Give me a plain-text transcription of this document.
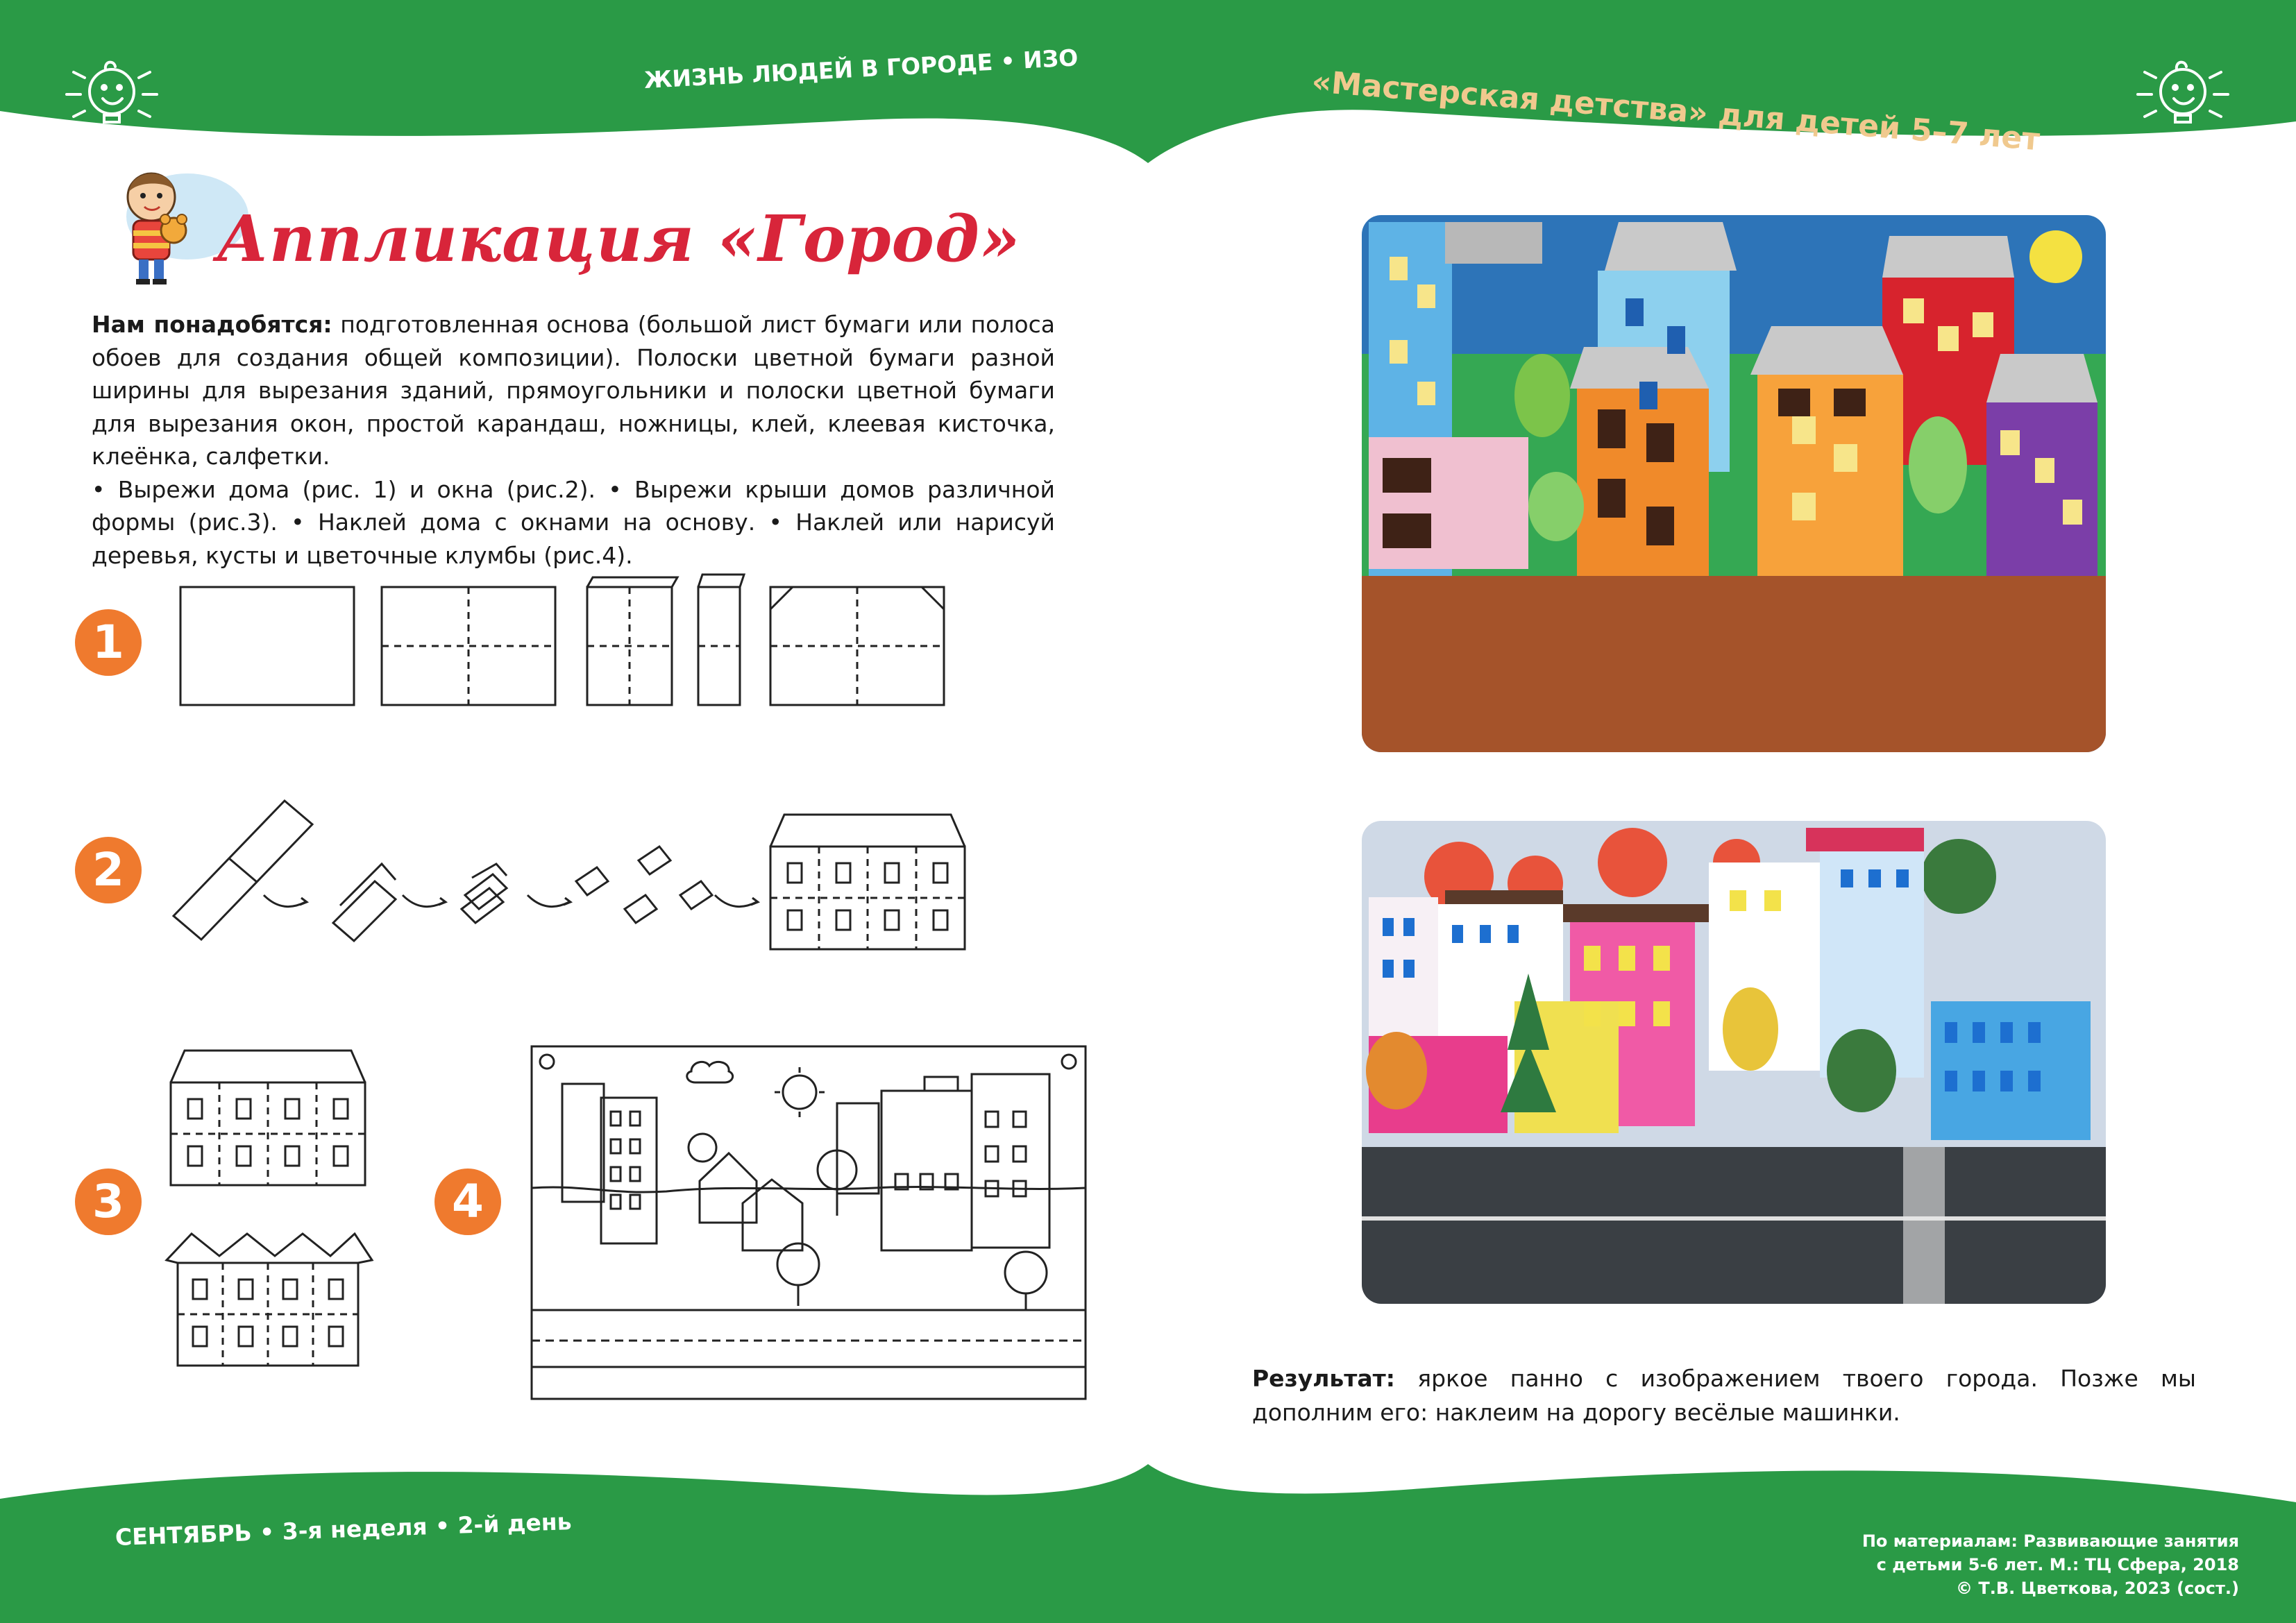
ЖИЗНЬ ЛЮДЕЙ В ГОРОДЕ • ИЗО	«Мастерская детства» для детей 5–7 лет
Аппликация «Город»

Нам понадобятся: подготовленная основа (большой лист бумаги или полоса обоев для создания общей композиции). Полоски цветной бумаги разной ширины для вырезания зданий, прямоугольники и полоски цветной бумаги для вырезания окон, простой карандаш, ножницы, клей, клеевая кисточка, клеёнка, салфетки.

• Вырежи дома (рис. 1) и окна (рис.2). • Вырежи крыши домов различной формы (рис.3). • Наклей дома с окнами на основу. • Наклей или нарисуй деревья, кусты и цветочные клумбы (рис.4).

1
2
3	4
Результат: яркое панно с изображением твоего города. Позже мы дополним его: наклеим на дорогу весёлые машинки.
СЕНТЯБРЬ • 3-я неделя • 2-й день	По материалам: Развивающие занятия
с детьми 5-6 лет. М.: ТЦ Сфера, 2018
© Т.В. Цветкова, 2023 (сост.)
